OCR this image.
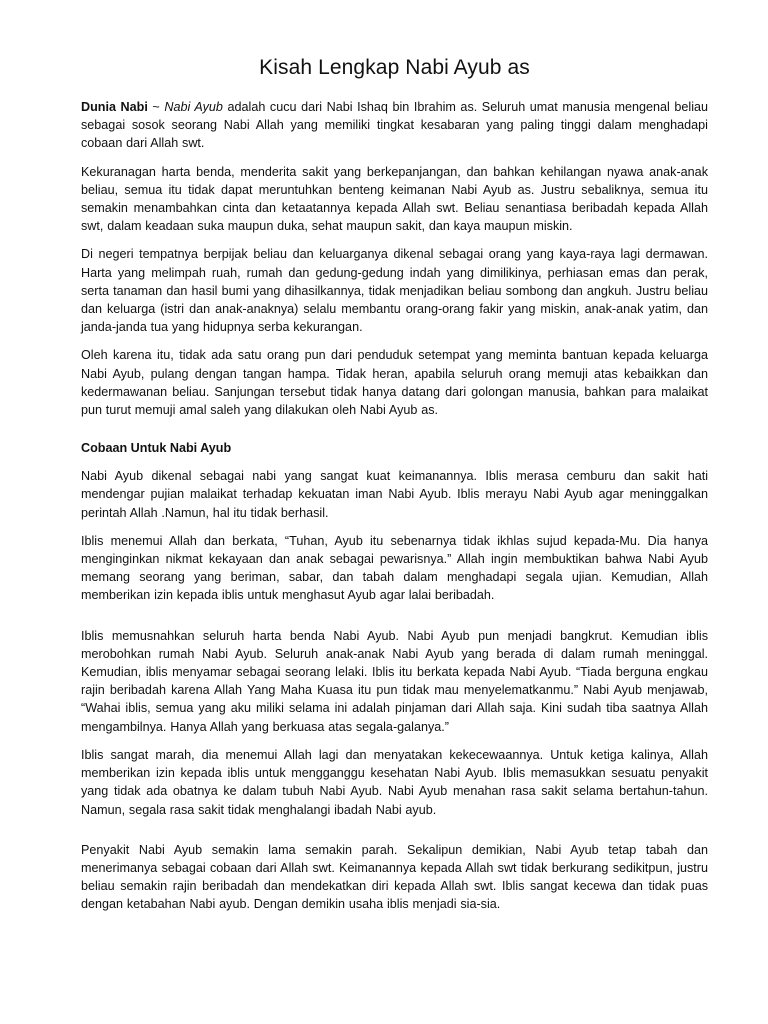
Kisah Lengkap Nabi Ayub as

Dunia Nabi ~ Nabi Ayub adalah cucu dari Nabi Ishaq bin Ibrahim as. Seluruh umat manusia mengenal beliau sebagai sosok seorang Nabi Allah yang memiliki tingkat kesabaran yang paling tinggi dalam menghadapi cobaan dari Allah swt.

Kekuranagan harta benda, menderita sakit yang berkepanjangan, dan bahkan kehilangan nyawa anak-anak beliau, semua itu tidak dapat meruntuhkan benteng keimanan Nabi Ayub as. Justru sebaliknya, semua itu semakin menambahkan cinta dan ketaatannya kepada Allah swt. Beliau senantiasa beribadah kepada Allah swt, dalam keadaan suka maupun duka, sehat maupun sakit, dan kaya maupun miskin.

Di negeri tempatnya berpijak beliau dan keluarganya dikenal sebagai orang yang kaya-raya lagi dermawan. Harta yang melimpah ruah, rumah dan gedung-gedung indah yang dimilikinya, perhiasan emas dan perak, serta tanaman dan hasil bumi yang dihasilkannya, tidak menjadikan beliau sombong dan angkuh. Justru beliau dan keluarga (istri dan anak-anaknya) selalu membantu orang-orang fakir yang miskin, anak-anak yatim, dan janda-janda tua yang hidupnya serba kekurangan.

Oleh karena itu, tidak ada satu orang pun dari penduduk setempat yang meminta bantuan kepada keluarga Nabi Ayub, pulang dengan tangan hampa. Tidak heran, apabila seluruh orang memuji atas kebaikkan dan kedermawanan beliau. Sanjungan tersebut tidak hanya datang dari golongan manusia, bahkan para malaikat pun turut memuji amal saleh yang dilakukan oleh Nabi Ayub as.

Cobaan Untuk Nabi Ayub

Nabi Ayub dikenal sebagai nabi yang sangat kuat keimanannya. Iblis merasa cemburu dan sakit hati mendengar pujian malaikat terhadap kekuatan iman Nabi Ayub. Iblis merayu Nabi Ayub agar meninggalkan perintah Allah .Namun, hal itu tidak berhasil.

Iblis menemui Allah dan berkata, “Tuhan, Ayub itu sebenarnya tidak ikhlas sujud kepada-Mu. Dia hanya menginginkan nikmat kekayaan dan anak sebagai pewarisnya.” Allah ingin membuktikan bahwa Nabi Ayub memang seorang yang beriman, sabar, dan tabah dalam menghadapi segala ujian. Kemudian, Allah memberikan izin kepada iblis untuk menghasut Ayub agar lalai beribadah.

Iblis memusnahkan seluruh harta benda Nabi Ayub. Nabi Ayub pun menjadi bangkrut. Kemudian iblis merobohkan rumah Nabi Ayub. Seluruh anak-anak Nabi Ayub yang berada di dalam rumah meninggal. Kemudian, iblis menyamar sebagai seorang lelaki. Iblis itu berkata kepada Nabi Ayub. “Tiada berguna engkau rajin beribadah karena Allah Yang Maha Kuasa itu pun tidak mau menyelematkanmu.” Nabi Ayub menjawab, “Wahai iblis, semua yang aku miliki selama ini adalah pinjaman dari Allah saja. Kini sudah tiba saatnya Allah mengambilnya. Hanya Allah yang berkuasa atas segala-galanya.”

Iblis sangat marah, dia menemui Allah lagi dan menyatakan kekecewaannya. Untuk ketiga kalinya, Allah memberikan izin kepada iblis untuk mengganggu kesehatan Nabi Ayub. Iblis memasukkan sesuatu penyakit yang tidak ada obatnya ke dalam tubuh Nabi Ayub. Nabi Ayub menahan rasa sakit selama bertahun-tahun. Namun, segala rasa sakit tidak menghalangi ibadah Nabi ayub.

Penyakit Nabi Ayub semakin lama semakin parah. Sekalipun demikian, Nabi Ayub tetap tabah dan menerimanya sebagai cobaan dari Allah swt. Keimanannya kepada Allah swt tidak berkurang sedikitpun, justru beliau semakin rajin beribadah dan mendekatkan diri kepada Allah swt. Iblis sangat kecewa dan tidak puas dengan ketabahan Nabi ayub. Dengan demikin usaha iblis menjadi sia-sia.
